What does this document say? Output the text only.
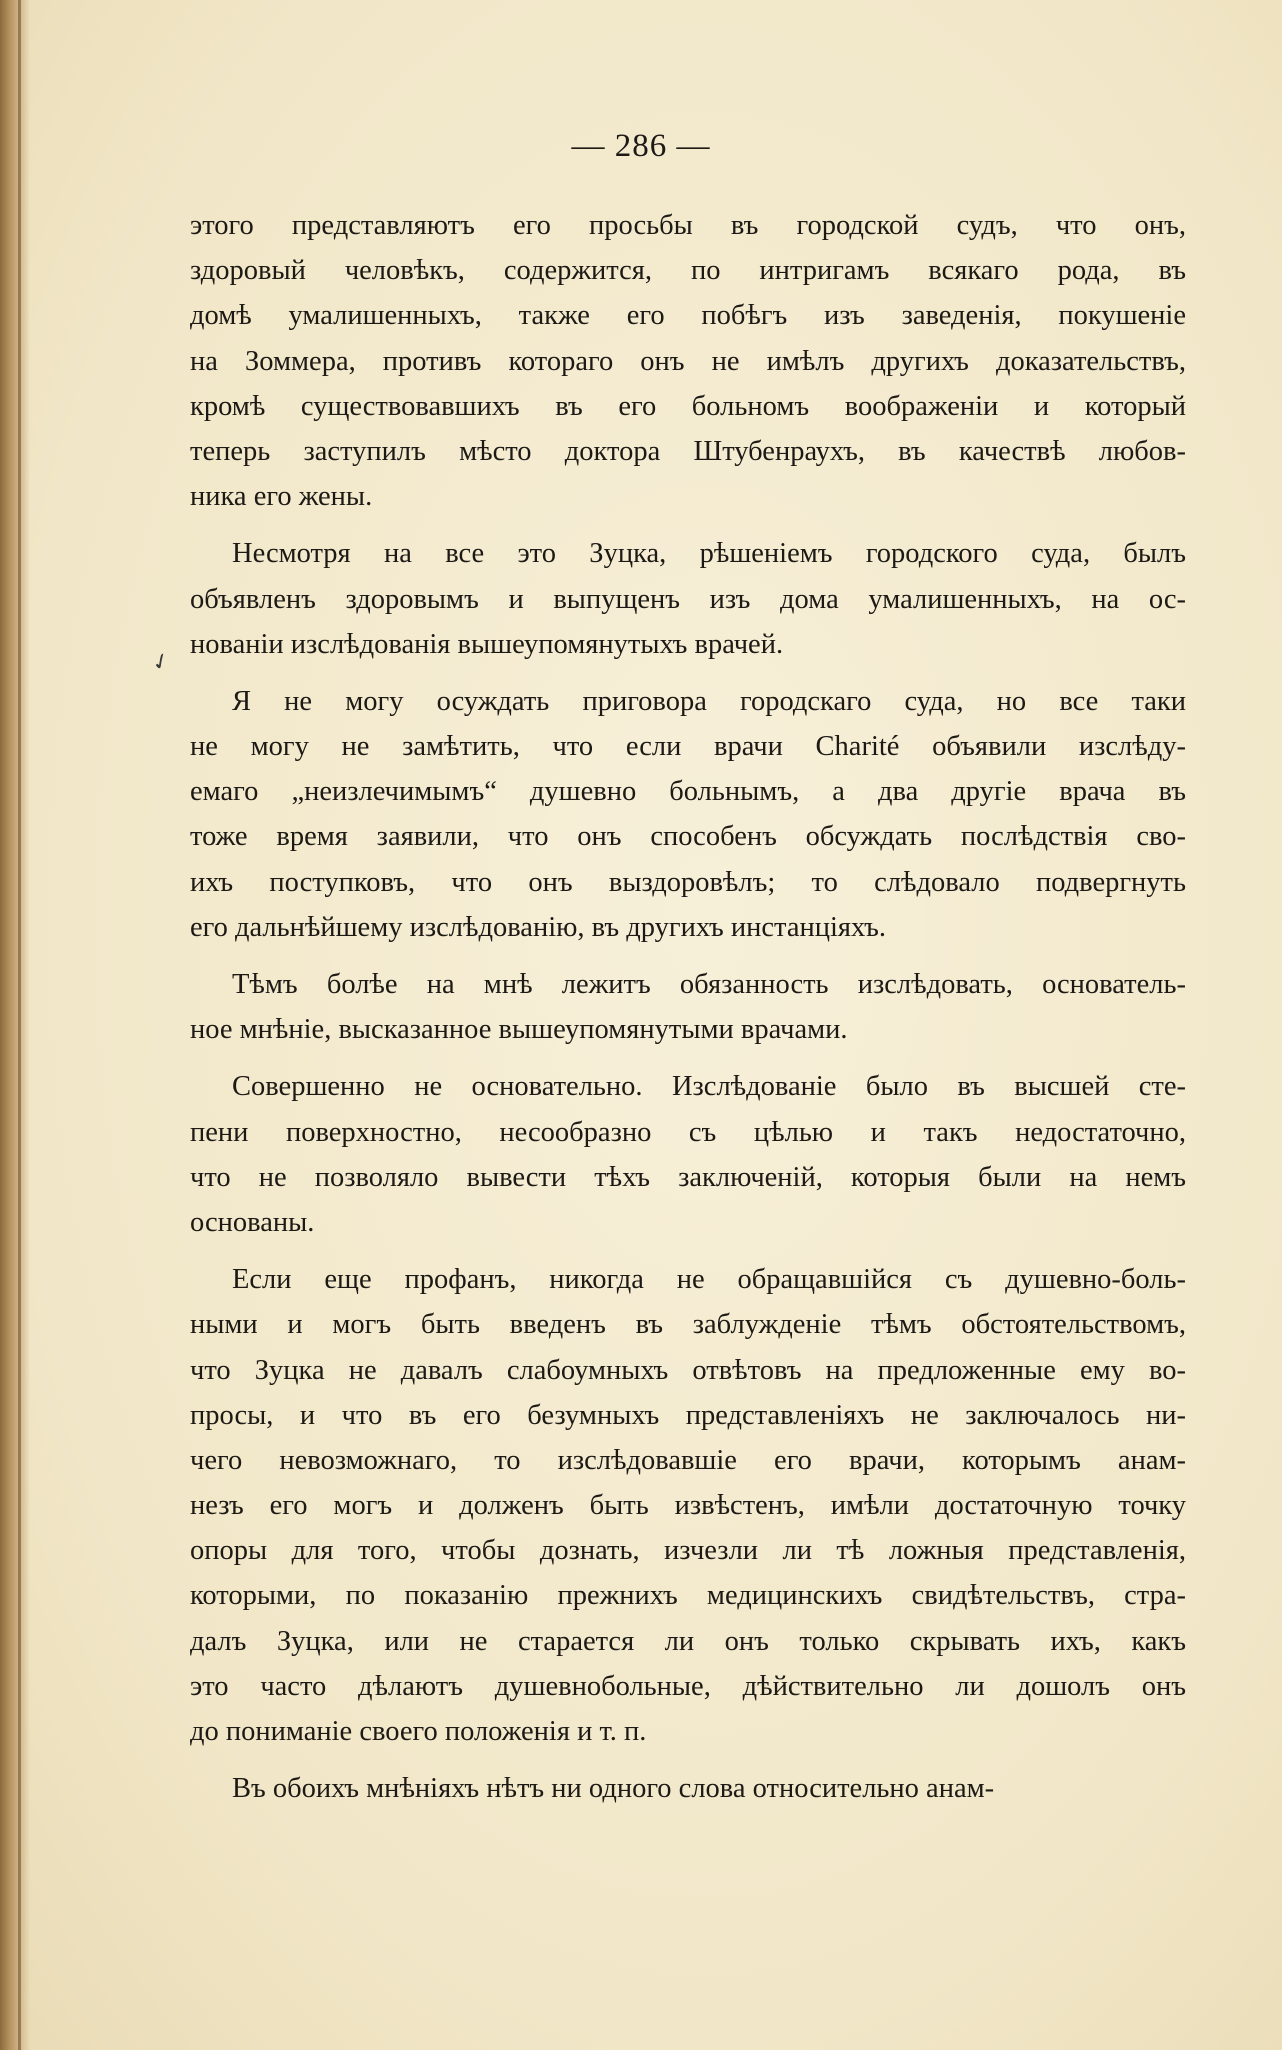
— 286 —
✓
этого представляютъ его просьбы въ городской судъ, что онъ,
здоровый человѣкъ, содержится, по интригамъ всякаго рода, въ
домѣ умалишенныхъ, также его побѣгъ изъ заведенія, покушеніе
на Зоммера, противъ котораго онъ не имѣлъ другихъ доказательствъ,
кромѣ существовавшихъ въ его больномъ воображеніи и который
теперь заступилъ мѣсто доктора Штубенраухъ, въ качествѣ любов-
ника его жены.
Несмотря на все это Зуцка, рѣшеніемъ городского суда, былъ
объявленъ здоровымъ и выпущенъ изъ дома умалишенныхъ, на ос-
нованіи изслѣдованія вышеупомянутыхъ врачей.
Я не могу осуждать приговора городскаго суда, но все таки
не могу не замѣтить, что если врачи Charité объявили изслѣду-
емаго „неизлечимымъ“ душевно больнымъ, а два другіе врача въ
тоже время заявили, что онъ способенъ обсуждать послѣдствія сво-
ихъ поступковъ, что онъ выздоровѣлъ; то слѣдовало подвергнуть
его дальнѣйшему изслѣдованію, въ другихъ инстанціяхъ.
Тѣмъ болѣе на мнѣ лежитъ обязанность изслѣдовать, основатель-
ное мнѣніе, высказанное вышеупомянутыми врачами.
Совершенно не основательно. Изслѣдованіе было въ высшей сте-
пени поверхностно, несообразно съ цѣлью и такъ недостаточно,
что не позволяло вывести тѣхъ заключеній, которыя были на немъ
основаны.
Если еще профанъ, никогда не обращавшійся съ душевно-боль-
ными и могъ быть введенъ въ заблужденіе тѣмъ обстоятельствомъ,
что Зуцка не давалъ слабоумныхъ отвѣтовъ на предложенные ему во-
просы, и что въ его безумныхъ представленіяхъ не заключалось ни-
чего невозможнаго, то изслѣдовавшіе его врачи, которымъ анам-
незъ его могъ и долженъ быть извѣстенъ, имѣли достаточную точку
опоры для того, чтобы дознать, изчезли ли тѣ ложныя представленія,
которыми, по показанію прежнихъ медицинскихъ свидѣтельствъ, стра-
далъ Зуцка, или не старается ли онъ только скрывать ихъ, какъ
это часто дѣлаютъ душевнобольные, дѣйствительно ли дошолъ онъ
до пониманіе своего положенія и т. п.
Въ обоихъ мнѣніяхъ нѣтъ ни одного слова относительно анам-
